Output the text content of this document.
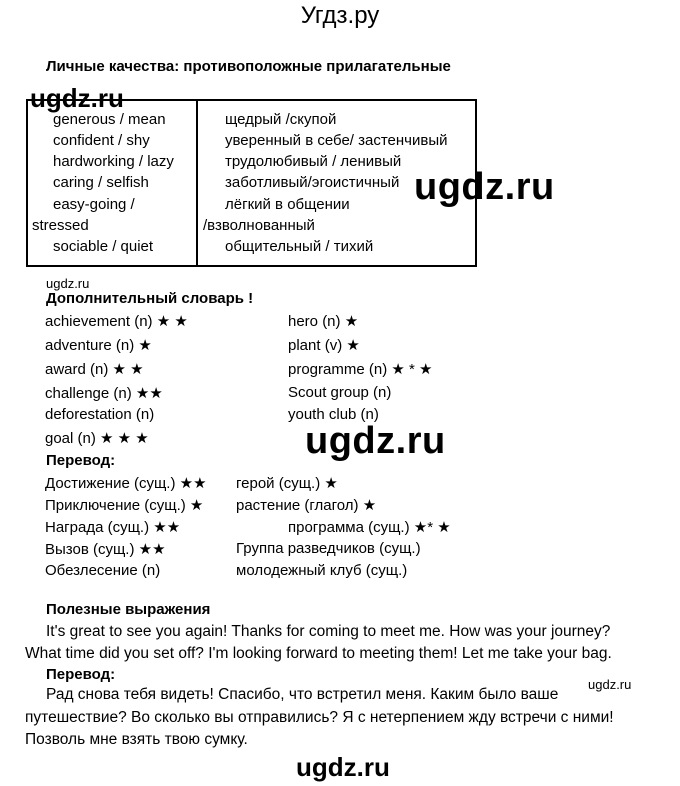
Угдз.ру
Личные качества: противоположные прилагательные
generous / mean
confident / shy
hardworking / lazy
caring / selfish
easy-going /
stressed
sociable / quiet
щедрый /скупой
уверенный в себе/ застенчивый
трудолюбивый / ленивый
заботливый/эгоистичный
лёгкий в общении
/взволнованный
общительный / тихий
ugdz.ru
ugdz.ru
ugdz.ru
Дополнительный словарь !
achievement (n) ★ ★
adventure (n) ★
award (n) ★ ★
challenge (n) ★★
deforestation (n)
goal (n) ★ ★ ★
hero (n) ★
plant (v) ★
programme (n) ★ * ★
Scout group (n)
youth club (n)
ugdz.ru
Перевод:
Достижение (сущ.) ★★
Приключение (сущ.) ★
Награда (сущ.) ★★
Вызов (сущ.) ★★
Обезлесение (n)
герой (сущ.) ★
растение (глагол) ★
программа (сущ.) ★* ★
Группа разведчиков (сущ.)
молодежный клуб (сущ.)
Полезные выражения
It's great to see you again! Thanks for coming to meet me. How was your journey?
What time did you set off? I'm looking forward to meeting them! Let me take your bag.
Перевод:
Рад снова тебя видеть! Спасибо, что встретил меня. Каким было ваше
путешествие? Во сколько вы отправились? Я с нетерпением жду встречи с ними!
Позволь мне взять твою сумку.
ugdz.ru
ugdz.ru
